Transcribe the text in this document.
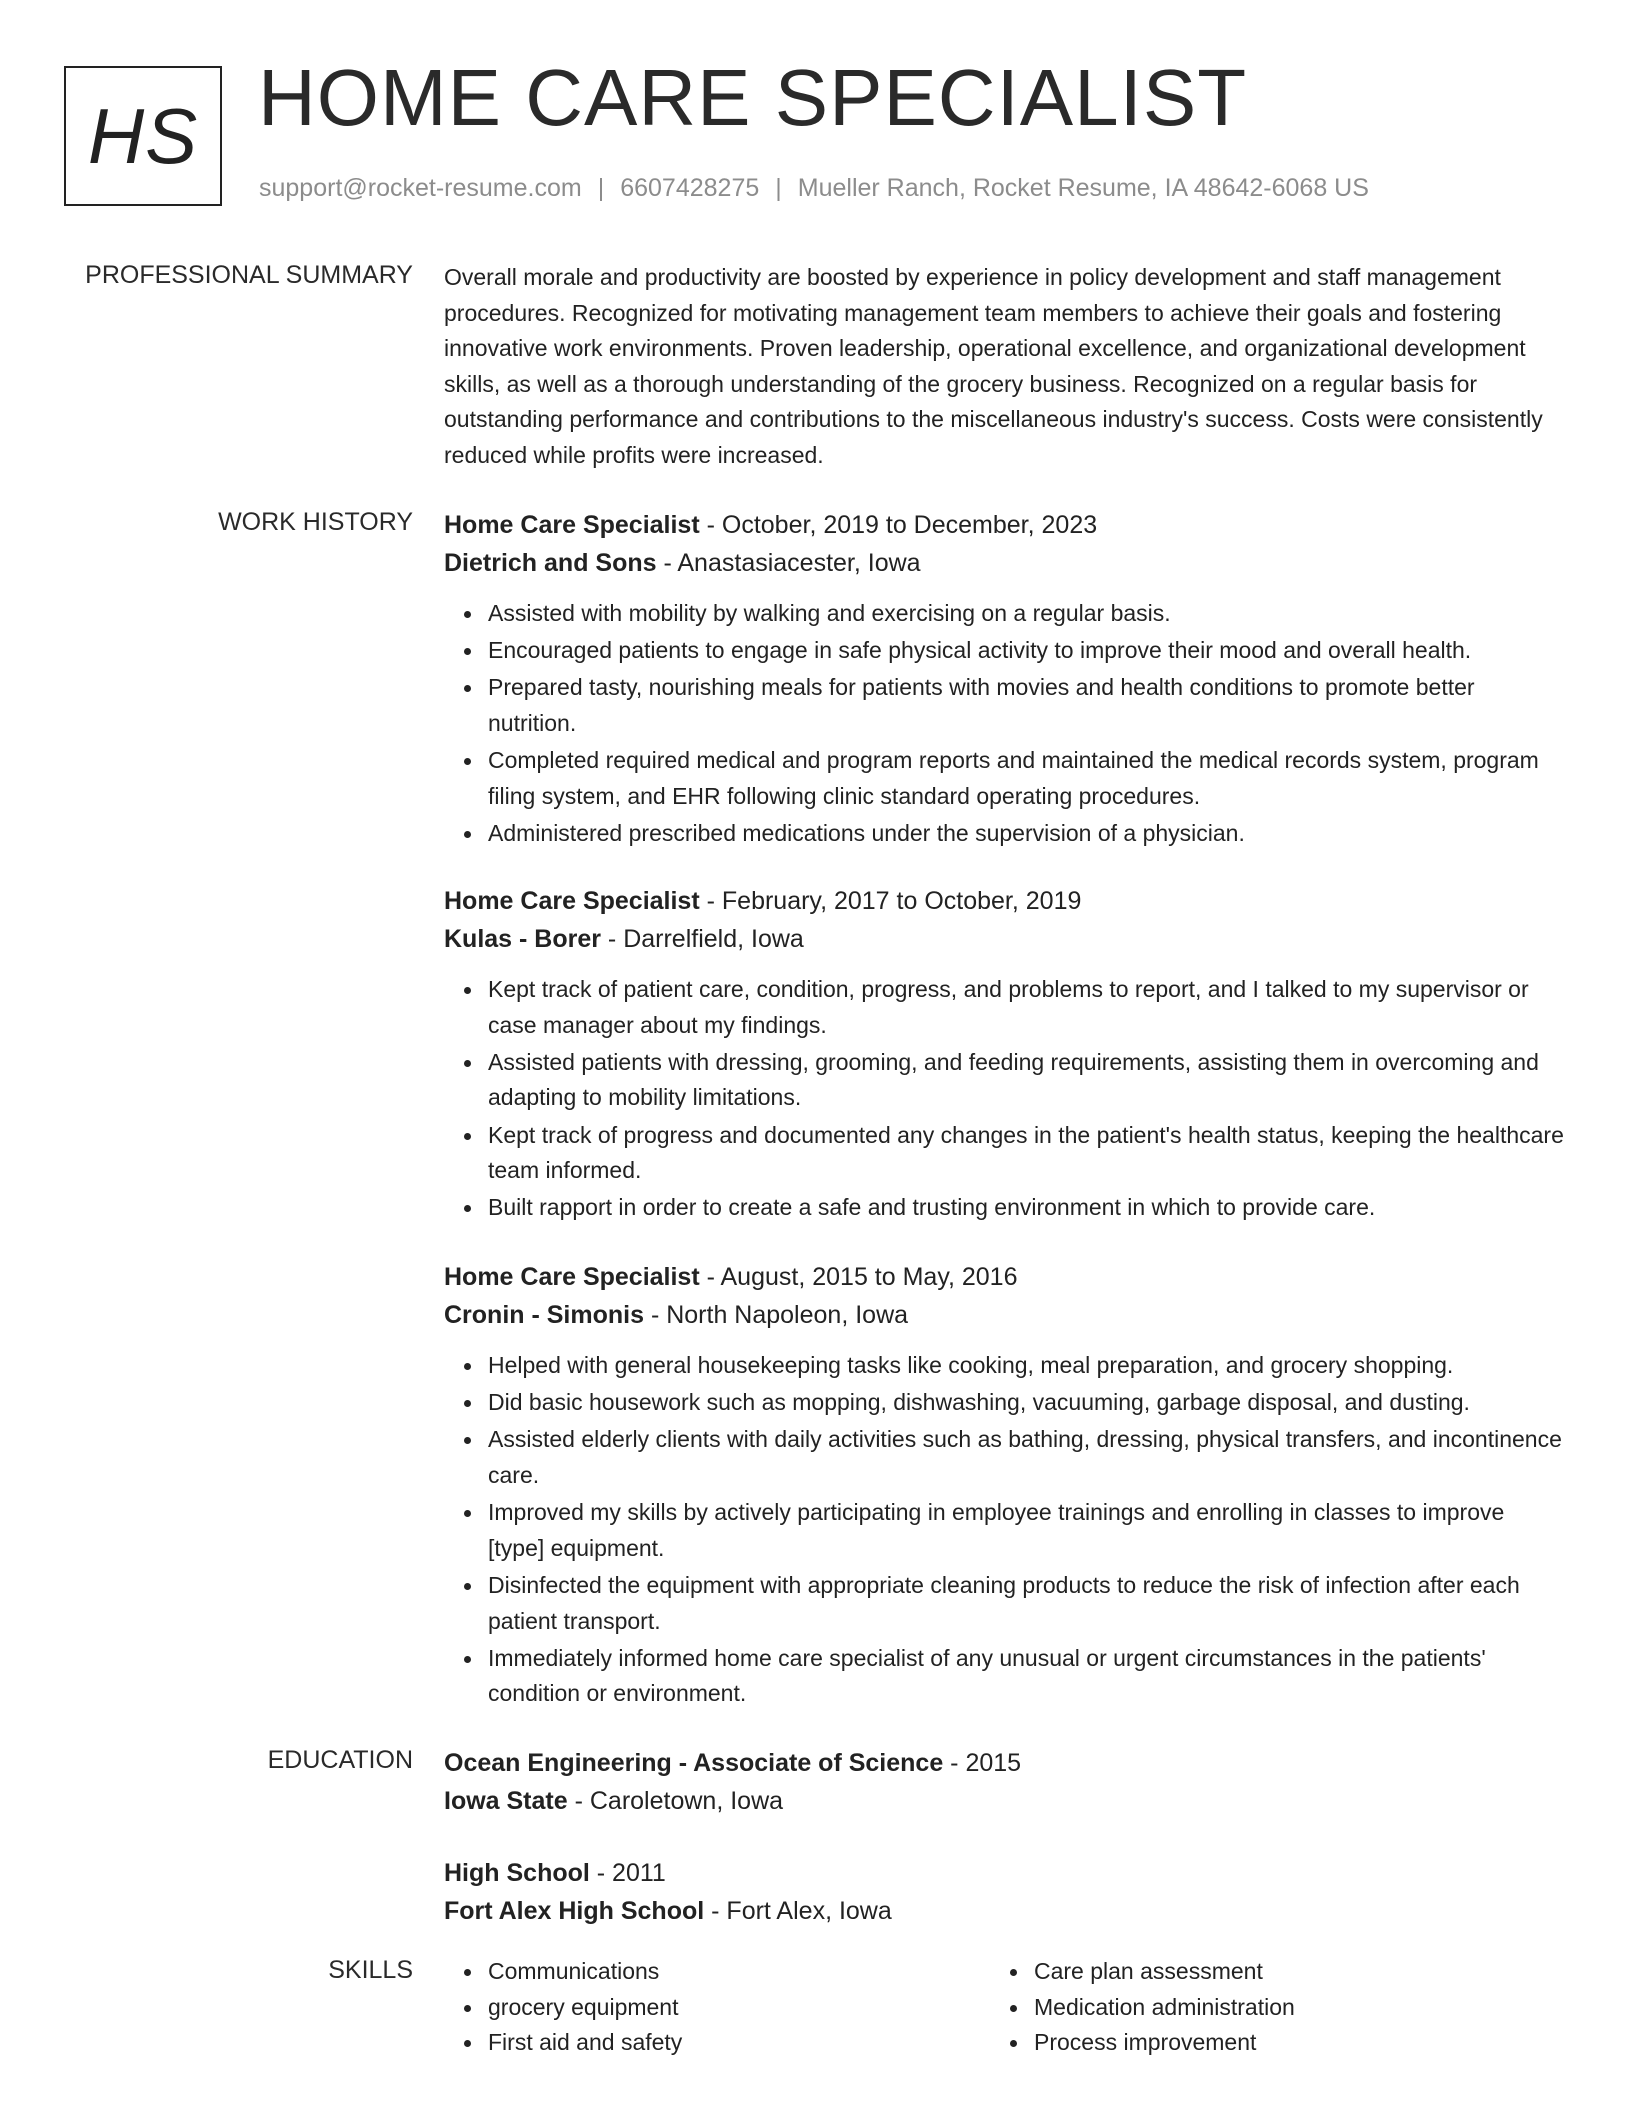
HS HOME CARE SPECIALIST
support@rocket-resume.com | 6607428275 | Mueller Ranch, Rocket Resume, IA 48642-6068 US
PROFESSIONAL SUMMARY Overall morale and productivity are boosted by experience in policy development and staff management procedures. Recognized for motivating management team members to achieve their goals and fostering innovative work environments. Proven leadership, operational excellence, and organizational development skills, as well as a thorough understanding of the grocery business. Recognized on a regular basis for outstanding performance and contributions to the miscellaneous industry's success. Costs were consistently reduced while profits were increased.

WORK HISTORY Home Care Specialist - October, 2019 to December, 2023
Dietrich and Sons - Anastasiacester, Iowa
Assisted with mobility by walking and exercising on a regular basis.
Encouraged patients to engage in safe physical activity to improve their mood and overall health.
Prepared tasty, nourishing meals for patients with movies and health conditions to promote better nutrition.
Completed required medical and program reports and maintained the medical records system, program filing system, and EHR following clinic standard operating procedures.
Administered prescribed medications under the supervision of a physician.
Home Care Specialist - February, 2017 to October, 2019
Kulas - Borer - Darrelfield, Iowa
Kept track of patient care, condition, progress, and problems to report, and I talked to my supervisor or case manager about my findings.
Assisted patients with dressing, grooming, and feeding requirements, assisting them in overcoming and adapting to mobility limitations.
Kept track of progress and documented any changes in the patient's health status, keeping the healthcare team informed.
Built rapport in order to create a safe and trusting environment in which to provide care.
Home Care Specialist - August, 2015 to May, 2016
Cronin - Simonis - North Napoleon, Iowa
Helped with general housekeeping tasks like cooking, meal preparation, and grocery shopping.
Did basic housework such as mopping, dishwashing, vacuuming, garbage disposal, and dusting.
Assisted elderly clients with daily activities such as bathing, dressing, physical transfers, and incontinence care.
Improved my skills by actively participating in employee trainings and enrolling in classes to improve [type] equipment.
Disinfected the equipment with appropriate cleaning products to reduce the risk of infection after each patient transport.
Immediately informed home care specialist of any unusual or urgent circumstances in the patients' condition or environment.
EDUCATION Ocean Engineering - Associate of Science - 2015
Iowa State - Caroletown, Iowa
High School - 2011
Fort Alex High School - Fort Alex, Iowa
SKILLS	Communications
grocery equipment
First aid and safety
Care plan assessment
Medication administration
Process improvement
